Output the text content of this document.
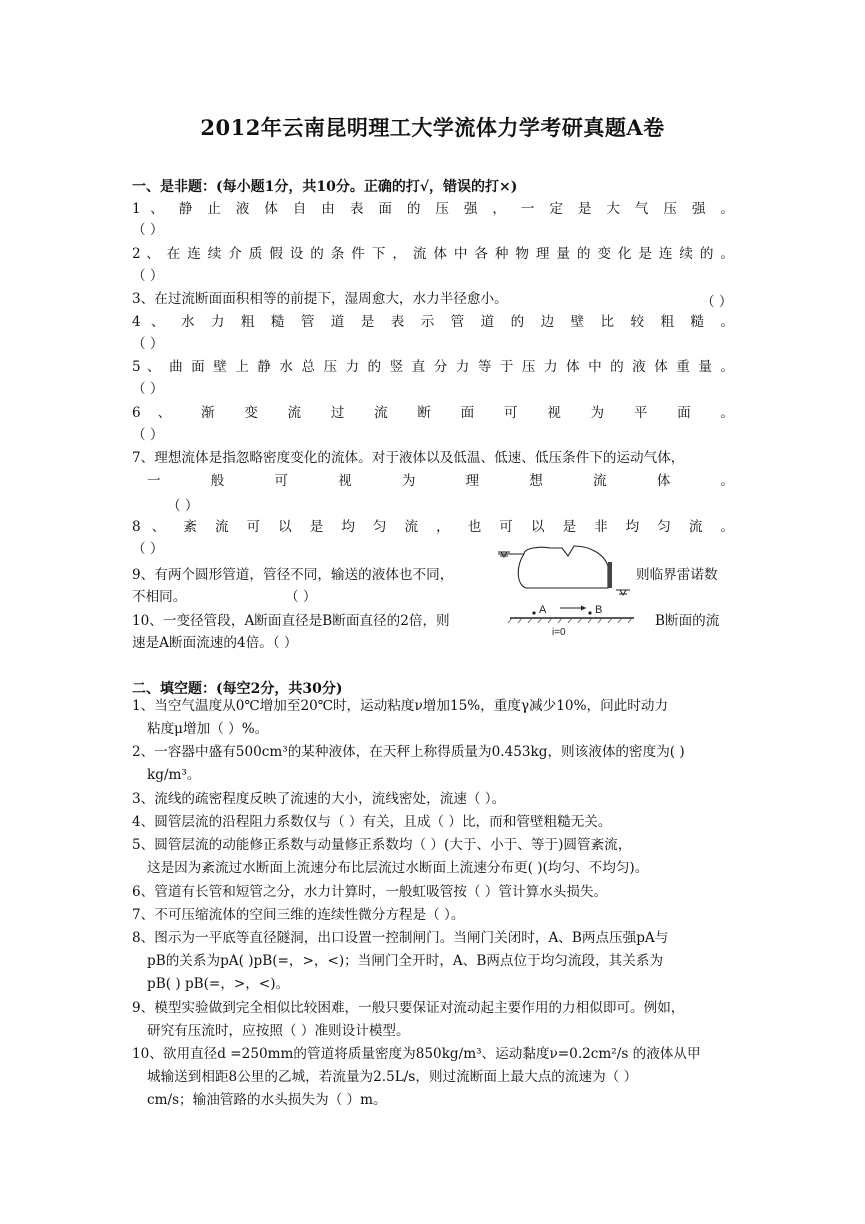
2012年云南昆明理工大学流体力学考研真题A卷
一、是非题：(每小题1分，共10分。正确的打√，错误的打×)
1 、 静 止 液 体 自 由 表 面 的 压 强 ， 一 定 是 大 气 压 强 。
（ ）
2 、 在 连 续 介 质 假 设 的 条 件 下 ， 流 体 中 各 种 物 理 量 的 变 化 是 连 续 的 。
（ ）
3、在过流断面面积相等的前提下，湿周愈大，水力半径愈小。	（ ）
4 、 水 力 粗 糙 管 道 是 表 示 管 道 的 边 壁 比 较 粗 糙 。
（ ）
5 、 曲 面 壁 上 静 水 总 压 力 的 竖 直 分 力 等 于 压 力 体 中 的 液 体 重 量 。
（ ）
6 、 渐 变 流 过 流 断 面 可 视 为 平 面 。
（ ）
7、理想流体是指忽略密度变化的流体。对于液体以及低温、低速、低压条件下的运动气体，
一 般 可 视 为 理 想 流 体 。
（ ）
8 、 紊 流 可 以 是 均 匀 流 ， 也 可 以 是 非 均 匀 流 。
（ ）
9、有两个圆形管道，管径不同，输送的液体也不同，	则临界雷诺数
不相同。	（ ）
10、一变径管段，A断面直径是B断面直径的2倍，则	B断面的流
速是A断面流速的4倍。（ ）
A	B
i=0
二、填空题：(每空2分，共30分)
1、当空气温度从0℃增加至20℃时，运动粘度ν增加15%，重度γ减少10%，问此时动力
粘度μ增加（ ）%。
2、一容器中盛有500cm³的某种液体，在天秤上称得质量为0.453kg，则该液体的密度为( )
kg/m³。
3、流线的疏密程度反映了流速的大小，流线密处，流速（ ）。
4、圆管层流的沿程阻力系数仅与（ ）有关，且成（ ）比，而和管壁粗糙无关。
5、圆管层流的动能修正系数与动量修正系数均（ ）(大于、小于、等于)圆管紊流，
这是因为紊流过水断面上流速分布比层流过水断面上流速分布更( )(均匀、不均匀)。
6、管道有长管和短管之分，水力计算时，一般虹吸管按（ ）管计算水头损失。
7、不可压缩流体的空间三维的连续性微分方程是（ ）。
8、图示为一平底等直径隧洞，出口设置一控制闸门。当闸门关闭时，A、B两点压强pA与
pB的关系为pA( )pB(=，>，<)；当闸门全开时，A、B两点位于均匀流段，其关系为
pB( ) pB(=，>，<)。
9、模型实验做到完全相似比较困难，一般只要保证对流动起主要作用的力相似即可。例如，
研究有压流时，应按照（ ）准则设计模型。
10、欲用直径d =250mm的管道将质量密度为850kg/m³、运动黏度ν=0.2cm²/s 的液体从甲
城输送到相距8公里的乙城，若流量为2.5L/s，则过流断面上最大点的流速为（ ）
cm/s；输油管路的水头损失为（ ）m。
